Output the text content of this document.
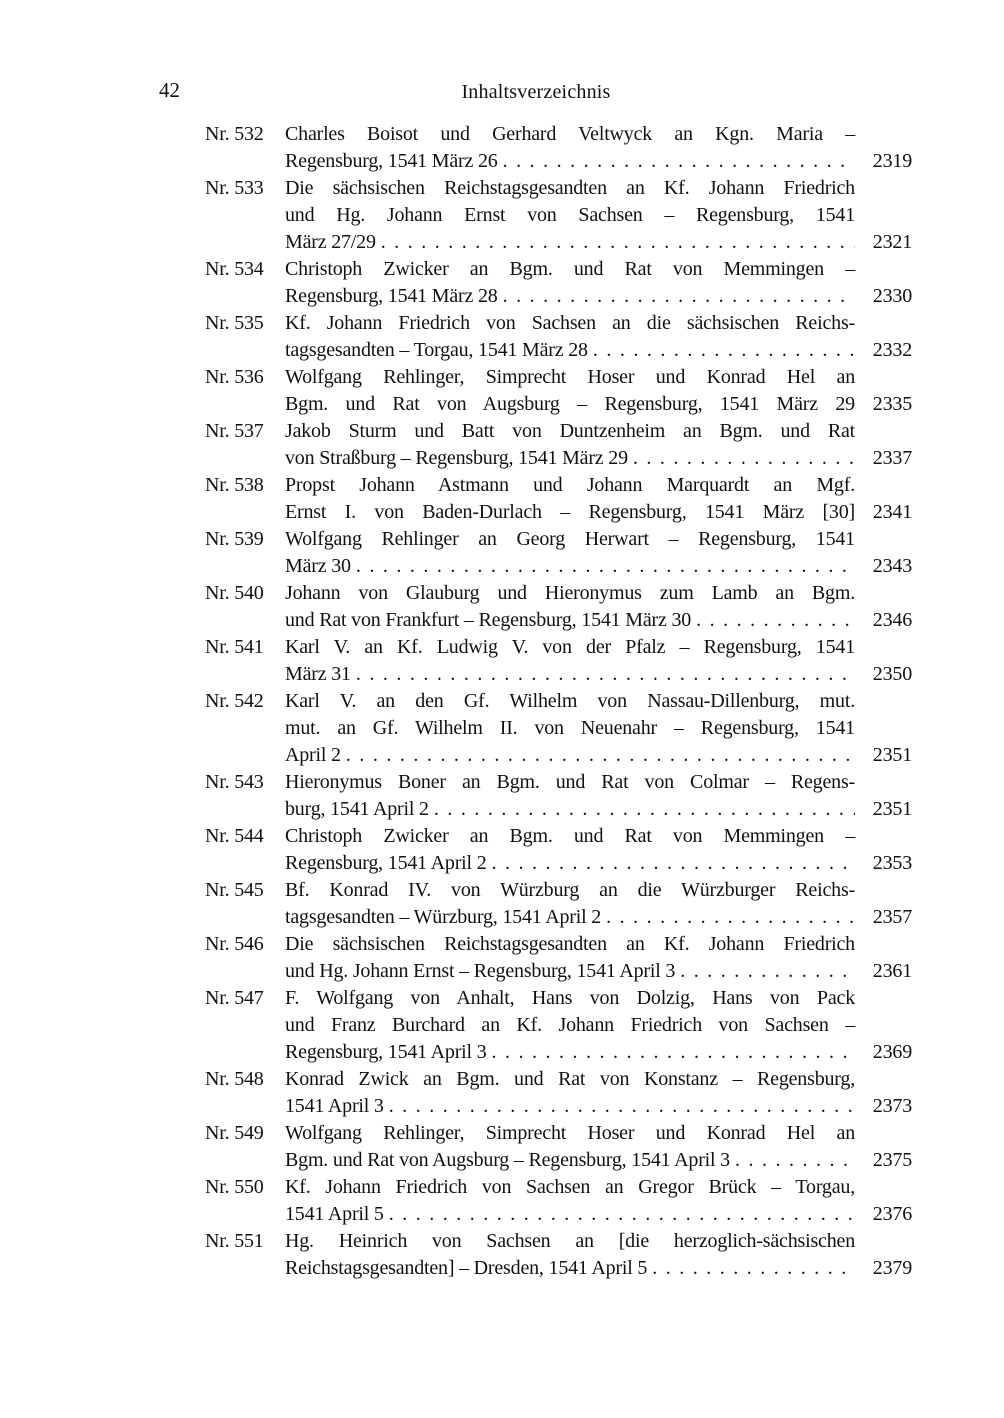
42	Inhaltsverzeichnis
Nr. 532	Charles Boisot und Gerhard Veltwyck an Kgn. Maria –
Regensburg, 1541 März 26 .....	2319
Nr. 533	Die sächsischen Reichstagsgesandten an Kf. Johann Friedrich
und Hg. Johann Ernst von Sachsen – Regensburg, 1541
März 27/29 .....	2321
Nr. 534	Christoph Zwicker an Bgm. und Rat von Memmingen –
Regensburg, 1541 März 28 .....	2330
Nr. 535	Kf. Johann Friedrich von Sachsen an die sächsischen Reichs-
tagsgesandten – Torgau, 1541 März 28 .....	2332
Nr. 536	Wolfgang Rehlinger, Simprecht Hoser und Konrad Hel an
Bgm. und Rat von Augsburg – Regensburg, 1541 März 29 2335
Nr. 537	Jakob Sturm und Batt von Duntzenheim an Bgm. und Rat
von Straßburg – Regensburg, 1541 März 29 .....	2337
Nr. 538	Propst Johann Astmann und Johann Marquardt an Mgf.
Ernst I. von Baden-Durlach – Regensburg, 1541 März [30] 2341
Nr. 539	Wolfgang Rehlinger an Georg Herwart – Regensburg, 1541
März 30 .....	2343
Nr. 540	Johann von Glauburg und Hieronymus zum Lamb an Bgm.
und Rat von Frankfurt – Regensburg, 1541 März 30 .....	2346
Nr. 541	Karl V. an Kf. Ludwig V. von der Pfalz – Regensburg, 1541
März 31 .....	2350
Nr. 542	Karl V. an den Gf. Wilhelm von Nassau-Dillenburg, mut.
mut. an Gf. Wilhelm II. von Neuenahr – Regensburg, 1541
April 2 .....	2351
Nr. 543	Hieronymus Boner an Bgm. und Rat von Colmar – Regens-
burg, 1541 April 2 .....	2351
Nr. 544	Christoph Zwicker an Bgm. und Rat von Memmingen –
Regensburg, 1541 April 2 .....	2353
Nr. 545	Bf. Konrad IV. von Würzburg an die Würzburger Reichs-
tagsgesandten – Würzburg, 1541 April 2 .....	2357
Nr. 546	Die sächsischen Reichstagsgesandten an Kf. Johann Friedrich
und Hg. Johann Ernst – Regensburg, 1541 April 3 .....	2361
Nr. 547	F. Wolfgang von Anhalt, Hans von Dolzig, Hans von Pack
und Franz Burchard an Kf. Johann Friedrich von Sachsen –
Regensburg, 1541 April 3 .....	2369
Nr. 548	Konrad Zwick an Bgm. und Rat von Konstanz – Regensburg,
1541 April 3 .....	2373
Nr. 549	Wolfgang Rehlinger, Simprecht Hoser und Konrad Hel an
Bgm. und Rat von Augsburg – Regensburg, 1541 April 3 .....	2375
Nr. 550	Kf. Johann Friedrich von Sachsen an Gregor Brück – Torgau,
1541 April 5 .....	2376
Nr. 551	Hg. Heinrich von Sachsen an [die herzoglich-sächsischen
Reichstagsgesandten] – Dresden, 1541 April 5 .....	2379
